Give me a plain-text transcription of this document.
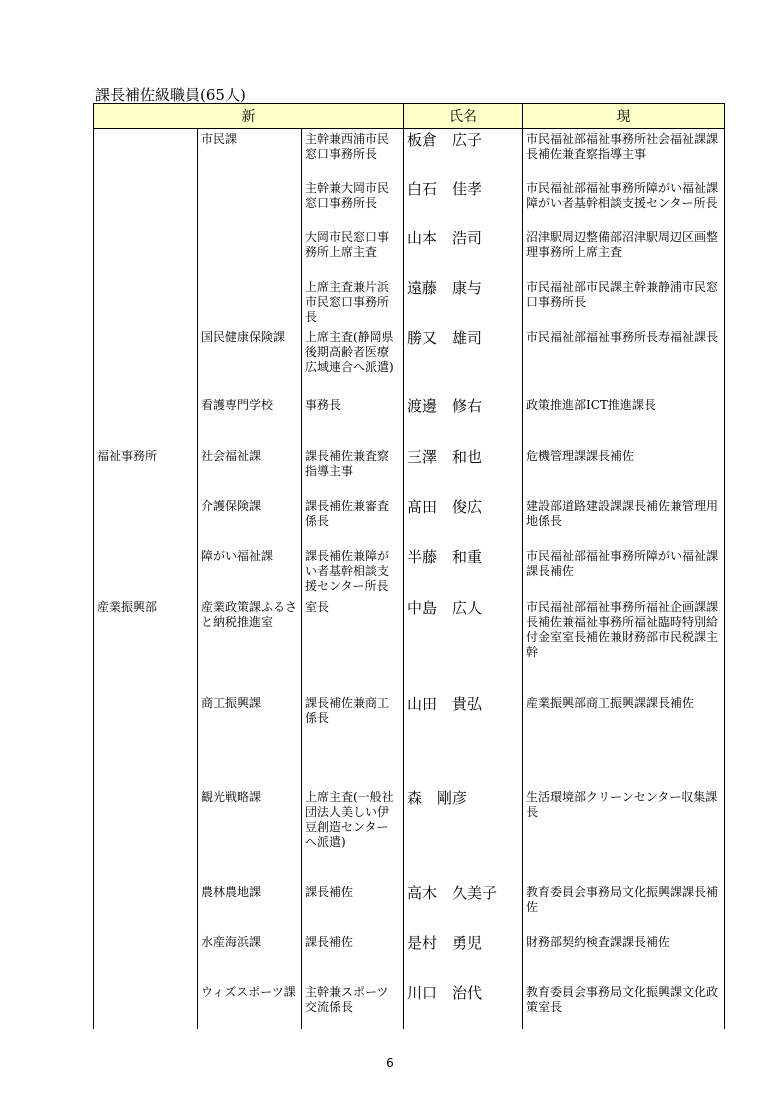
課長補佐級職員(65人)
新			氏名	現
	市民課	主幹兼西浦市民窓口事務所長	板倉　広子	市民福祉部福祉事務所社会福祉課課長補佐兼査察指導主事
		主幹兼大岡市民窓口事務所長	白石　佳孝	市民福祉部福祉事務所障がい福祉課障がい者基幹相談支援センター所長
		大岡市民窓口事務所上席主査	山本　浩司	沼津駅周辺整備部沼津駅周辺区画整理事務所上席主査
		上席主査兼片浜市民窓口事務所長	遠藤　康与	市民福祉部市民課主幹兼静浦市民窓口事務所長
	国民健康保険課	上席主査(静岡県後期高齢者医療広域連合へ派遣)	勝又　雄司	市民福祉部福祉事務所長寿福祉課長
	看護専門学校	事務長	渡邊　修右	政策推進部ICT推進課長
福祉事務所	社会福祉課	課長補佐兼査察指導主事	三澤　和也	危機管理課課長補佐
	介護保険課	課長補佐兼審査係長	髙田　俊広	建設部道路建設課課長補佐兼管理用地係長
	障がい福祉課	課長補佐兼障がい者基幹相談支援センター所長	半藤　和重	市民福祉部福祉事務所障がい福祉課課長補佐
産業振興部	産業政策課ふるさと納税推進室	室長	中島　広人	市民福祉部福祉事務所福祉企画課課長補佐兼福祉事務所福祉臨時特別給付金室室長補佐兼財務部市民税課主幹
	商工振興課	課長補佐兼商工係長	山田　貴弘	産業振興部商工振興課課長補佐
	観光戦略課	上席主査(一般社団法人美しい伊豆創造センターへ派遣)	森　剛彦	生活環境部クリーンセンター収集課長
	農林農地課	課長補佐	高木　久美子	教育委員会事務局文化振興課課長補佐
	水産海浜課	課長補佐	是村　勇児	財務部契約検査課課長補佐
	ウィズスポーツ課	主幹兼スポーツ交流係長	川口　治代	教育委員会事務局文化振興課文化政策室長
6
